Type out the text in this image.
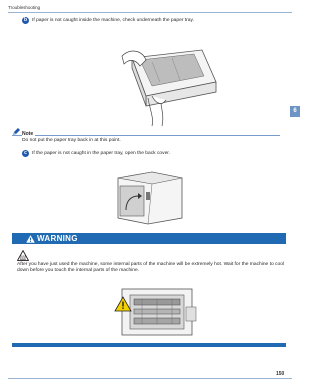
Troubleshooting
6
b	If paper is not caught inside the machine, check underneath the paper tray.
Note
Do not put the paper tray back in at this point.
c	If the paper is not caught in the paper tray, open the back cover.
WARNING
After you have just used the machine, some internal parts of the machine will be extremely hot. Wait for the machine to cool down before you touch the internal parts of the machine.
150
